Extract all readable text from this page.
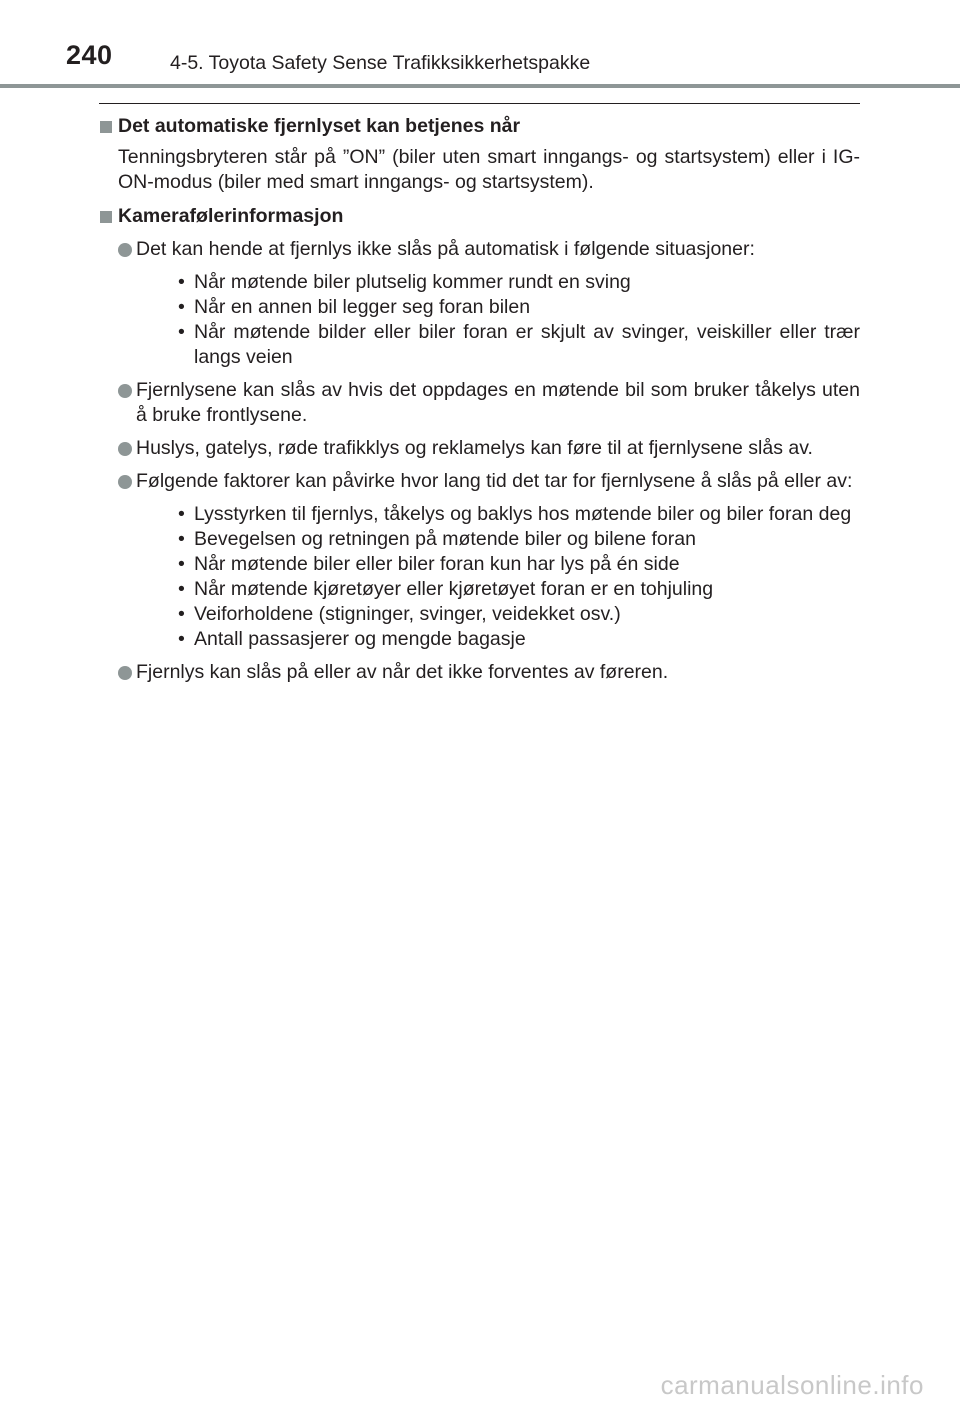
240	4-5. Toyota Safety Sense Trafikksikkerhetspakke
Det automatiske fjernlyset kan betjenes når
Tenningsbryteren står på ”ON” (biler uten smart inngangs- og startsystem) eller i IG-ON-modus (biler med smart inngangs- og startsystem).
Kamerafølerinformasjon
Det kan hende at fjernlys ikke slås på automatisk i følgende situasjoner:
• Når møtende biler plutselig kommer rundt en sving
• Når en annen bil legger seg foran bilen
• Når møtende bilder eller biler foran er skjult av svinger, veiskiller eller trær langs veien
Fjernlysene kan slås av hvis det oppdages en møtende bil som bruker tåkelys uten å bruke frontlysene.
Huslys, gatelys, røde trafikklys og reklamelys kan føre til at fjernlysene slås av.
Følgende faktorer kan påvirke hvor lang tid det tar for fjernlysene å slås på eller av:
• Lysstyrken til fjernlys, tåkelys og baklys hos møtende biler og biler foran deg
• Bevegelsen og retningen på møtende biler og bilene foran
• Når møtende biler eller biler foran kun har lys på én side
• Når møtende kjøretøyer eller kjøretøyet foran er en tohjuling
• Veiforholdene (stigninger, svinger, veidekket osv.)
• Antall passasjerer og mengde bagasje
Fjernlys kan slås på eller av når det ikke forventes av føreren.
carmanualsonline.info
